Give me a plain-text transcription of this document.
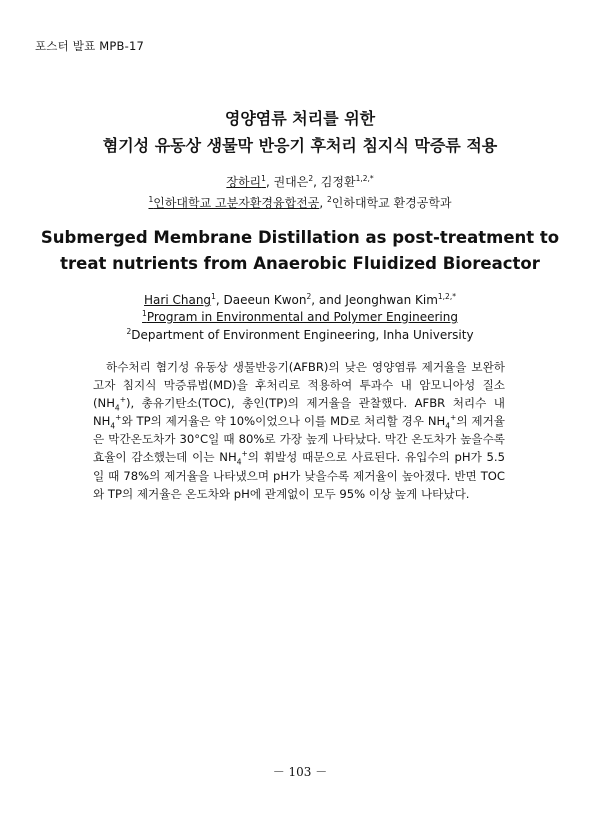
포스터 발표 MPB-17
영양염류 처리를 위한
혐기성 유동상 생물막 반응기 후처리 침지식 막증류 적용
장하리$^1$, 권대은$^2$, 김정환$^{1,2,*}$
$^1$인하대학교 고분자환경융합전공, $^2$인하대학교 환경공학과
Submerged Membrane Distillation as post-treatment to
treat nutrients from Anaerobic Fluidized Bioreactor
Hari Chang$^1$, Daeeun Kwon$^2$, and Jeonghwan Kim$^{1,2,*}$
$^1$Program in Environmental and Polymer Engineering
$^2$Department of Environment Engineering, Inha University

하수처리 혐기성 유동상 생물반응기(AFBR)의 낮은 영양염류 제거율을 보완하고자 침지식 막증류법(MD)을 후처리로 적용하여 투과수 내 암모니아성 질소$(NH_4^+)$, 총유기탄소(TOC), 총인(TP)의 제거율을 관찰했다. AFBR 처리수 내 $NH_4^+$와 TP의 제거율은 약 10%이었으나 이를 MD로 처리할 경우 $NH_4^+$의 제거율은 막간온도차가 30°C일 때 80%로 가장 높게 나타났다. 막간 온도차가 높을수록 효율이 감소했는데 이는 $NH_4^+$의 휘발성 때문으로 사료된다. 유입수의 pH가 5.5일 때 78%의 제거율을 나타냈으며 pH가 낮을수록 제거율이 높아졌다. 반면 TOC와 TP의 제거율은 온도차와 pH에 관계없이 모두 95% 이상 높게 나타났다.

－ 103 －
